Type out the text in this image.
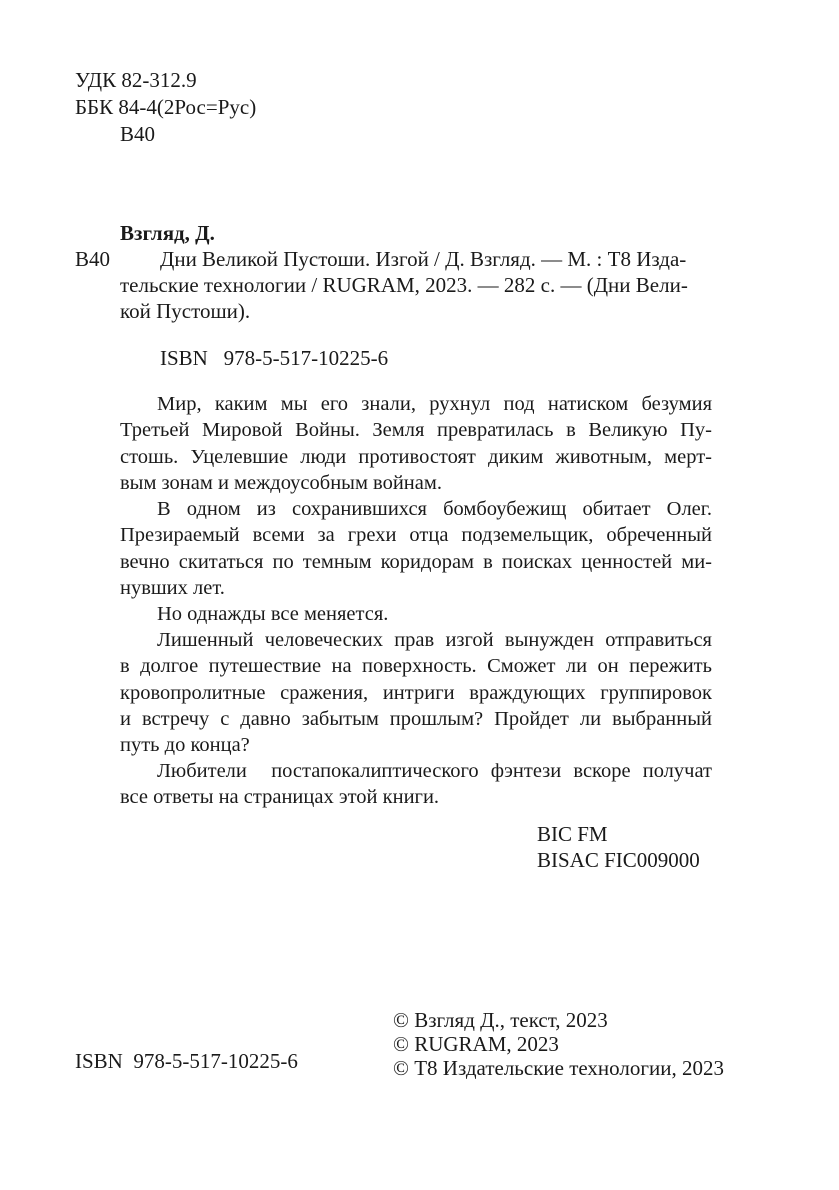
УДК 82-312.9
ББК 84-4(2Рос=Рус)
В40
Взгляд, Д.
В40 Дни Великой Пустоши. Изгой / Д. Взгляд. — М. : Т8 Изда-
тельские технологии / RUGRAM, 2023. — 282 с. — (Дни Вели-
кой Пустоши).
ISBN   978-5-517-10225-6
Мир, каким мы его знали, рухнул под натиском безумия
Третьей Мировой Войны. Земля превратилась в Великую Пу-
стошь. Уцелевшие люди противостоят диким животным, мерт-
вым зонам и междоусобным войнам.
В одном из сохранившихся бомбоубежищ обитает Олег.
Презираемый всеми за грехи отца подземельщик, обреченный
вечно скитаться по темным коридорам в поисках ценностей ми-
нувших лет.
Но однажды все меняется.
Лишенный человеческих прав изгой вынужден отправиться
в долгое путешествие на поверхность. Сможет ли он пережить
кровопролитные сражения, интриги враждующих группировок
и встречу с давно забытым прошлым? Пройдет ли выбранный
путь до конца?
Любители  постапокалиптического фэнтези вскоре получат
все ответы на страницах этой книги.
BIC FM
BISAC FIC009000
ISBN  978-5-517-10225-6
© Взгляд Д., текст, 2023
© RUGRAM, 2023
© Т8 Издательские технологии, 2023
